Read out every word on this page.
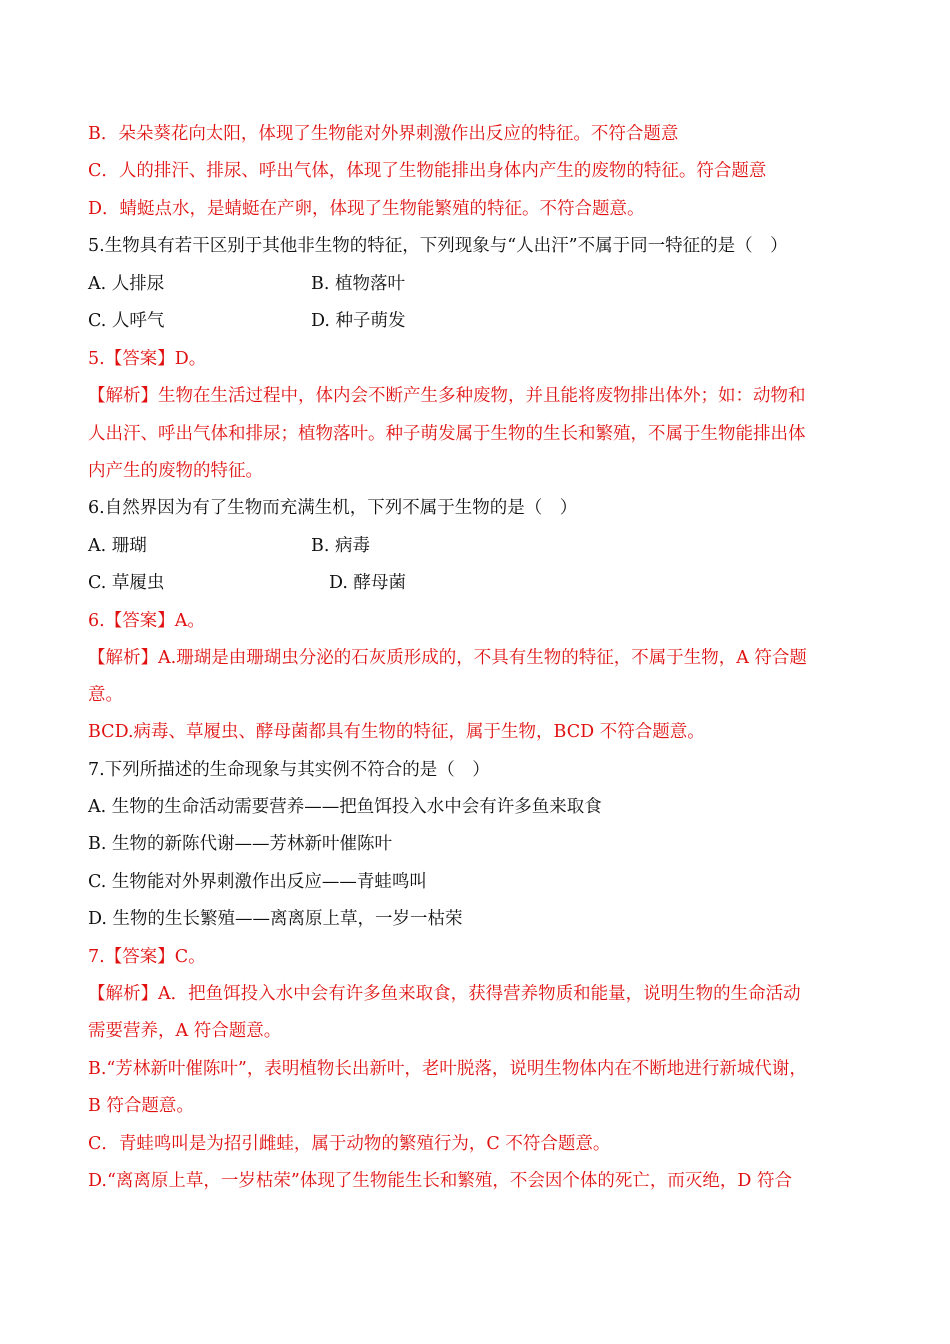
B．朵朵葵花向太阳，体现了生物能对外界刺激作出反应的特征。不符合题意
C．人的排汗、排尿、呼出气体，体现了生物能排出身体内产生的废物的特征。符合题意
D．蜻蜓点水，是蜻蜓在产卵，体现了生物能繁殖的特征。不符合题意。
5.生物具有若干区别于其他非生物的特征，下列现象与“人出汗”不属于同一特征的是（　）
A. 人排尿	B. 植物落叶
C. 人呼气	D. 种子萌发
5.【答案】D。
【解析】生物在生活过程中，体内会不断产生多种废物，并且能将废物排出体外；如：动物和
人出汗、呼出气体和排尿；植物落叶。种子萌发属于生物的生长和繁殖，不属于生物能排出体
内产生的废物的特征。
6.自然界因为有了生物而充满生机，下列不属于生物的是（　）
A. 珊瑚	B. 病毒
C. 草履虫	D. 酵母菌
6.【答案】A。
【解析】A.珊瑚是由珊瑚虫分泌的石灰质形成的，不具有生物的特征，不属于生物，A 符合题
意。
BCD.病毒、草履虫、酵母菌都具有生物的特征，属于生物，BCD 不符合题意。
7.下列所描述的生命现象与其实例不符合的是（　）
A. 生物的生命活动需要营养——把鱼饵投入水中会有许多鱼来取食
B. 生物的新陈代谢——芳林新叶催陈叶
C. 生物能对外界刺激作出反应——青蛙鸣叫
D. 生物的生长繁殖——离离原上草，一岁一枯荣
7.【答案】C。
【解析】A．把鱼饵投入水中会有许多鱼来取食，获得营养物质和能量，说明生物的生命活动
需要营养，A 符合题意。
B.“芳林新叶催陈叶”，表明植物长出新叶，老叶脱落，说明生物体内在不断地进行新城代谢，
B 符合题意。
C．青蛙鸣叫是为招引雌蛙，属于动物的繁殖行为，C 不符合题意。
D.“离离原上草，一岁枯荣”体现了生物能生长和繁殖，不会因个体的死亡，而灭绝，D 符合
